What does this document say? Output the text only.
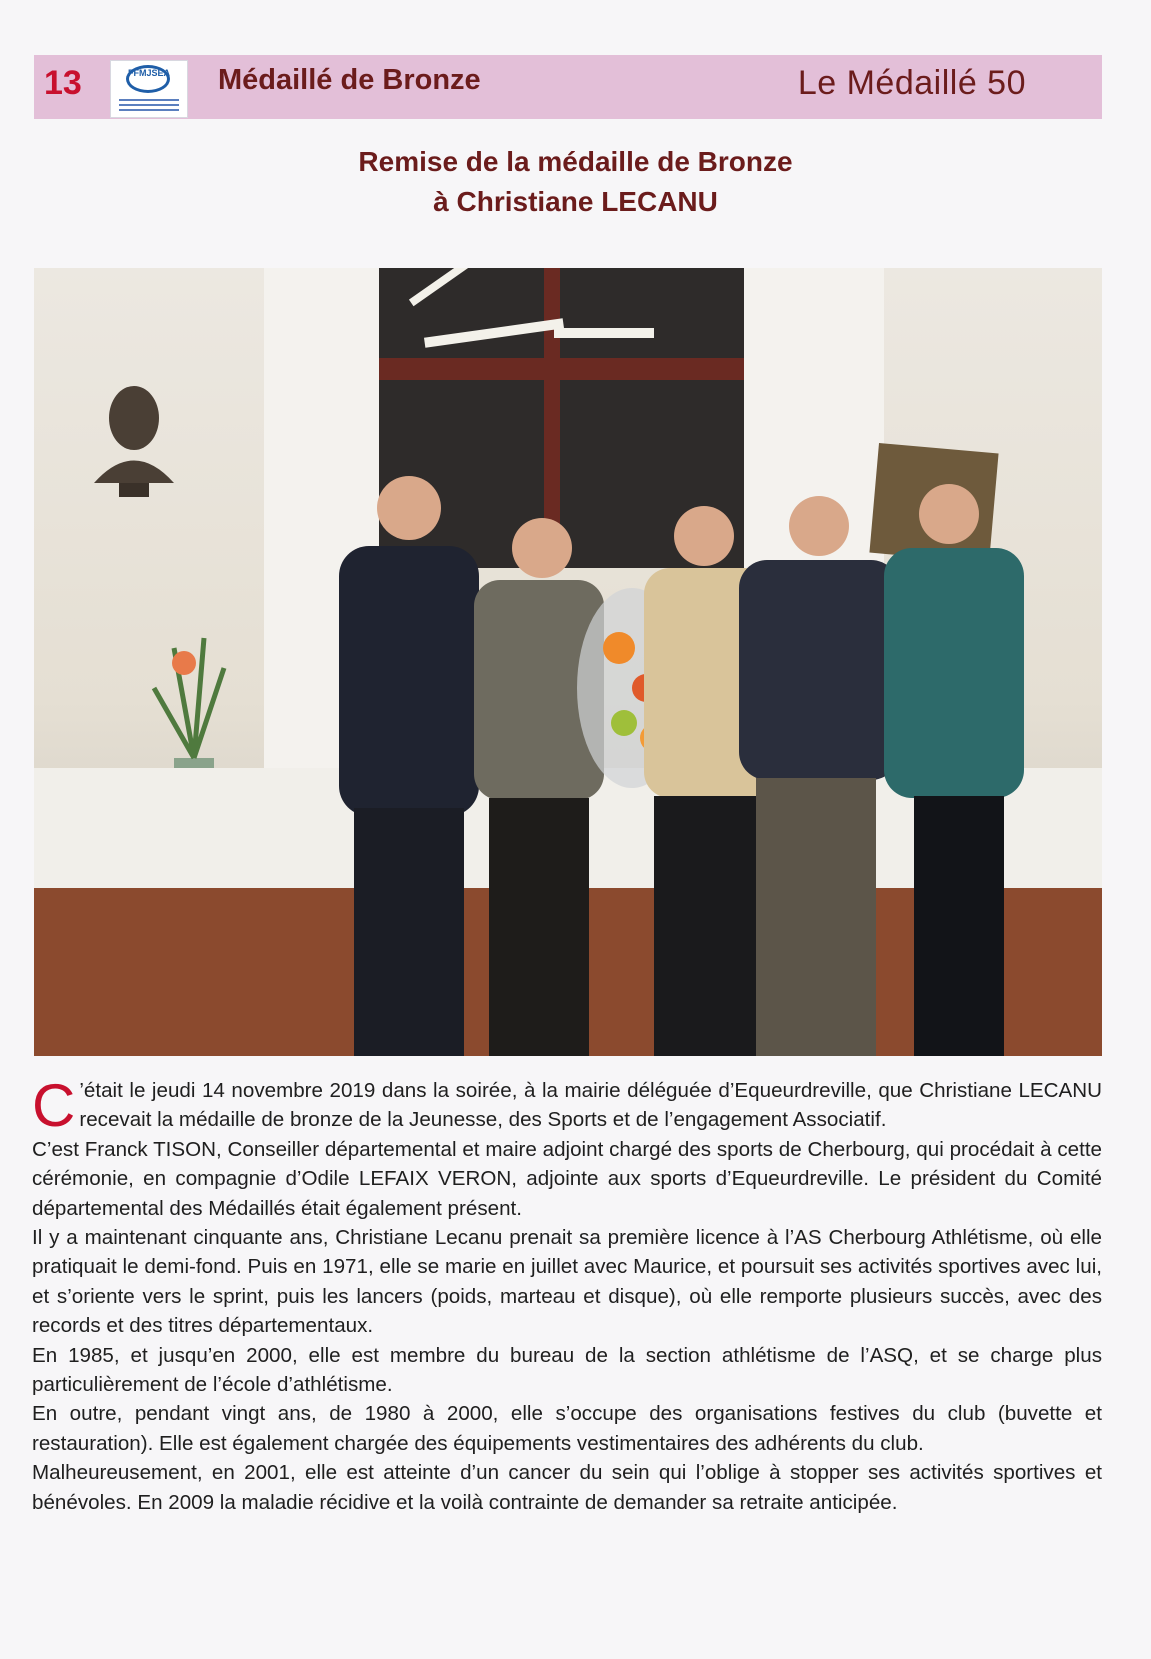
13	FFMJSEA	Médaillé de Bronze	Le Médaillé 50
Remise de la médaille de Bronze
à Christiane LECANU

C ’était le jeudi 14 novembre 2019 dans la soirée, à la mairie déléguée d’Equeurdreville, que Christiane LECANU recevait la médaille de bronze de la Jeunesse, des Sports et de l’engagement Associatif.

C’est Franck TISON, Conseiller départemental et maire adjoint chargé des sports de Cherbourg, qui procédait à cette cérémonie, en compagnie d’Odile LEFAIX VERON, adjointe aux sports d’Equeurdreville. Le président du Comité départemental des Médaillés était également présent.

Il y a maintenant cinquante ans, Christiane Lecanu prenait sa première licence à l’AS Cherbourg Athlétisme, où elle pratiquait le demi-fond. Puis en 1971, elle se marie en juillet avec Maurice, et poursuit ses activités sportives avec lui, et s’oriente vers le sprint, puis les lancers (poids, marteau et disque), où elle remporte plusieurs succès, avec des records et des titres départementaux.

En 1985, et jusqu’en 2000, elle est membre du bureau de la section athlétisme de l’ASQ, et se charge plus particulièrement de l’école d’athlétisme.

En outre, pendant vingt ans, de 1980 à 2000, elle s’occupe des organisations festives du club (buvette et restauration). Elle est également chargée des équipements vestimentaires des adhérents du club.

Malheureusement, en 2001, elle est atteinte d’un cancer du sein qui l’oblige à stopper ses activités sportives et bénévoles. En 2009 la maladie récidive et la voilà contrainte de demander sa retraite anticipée.
